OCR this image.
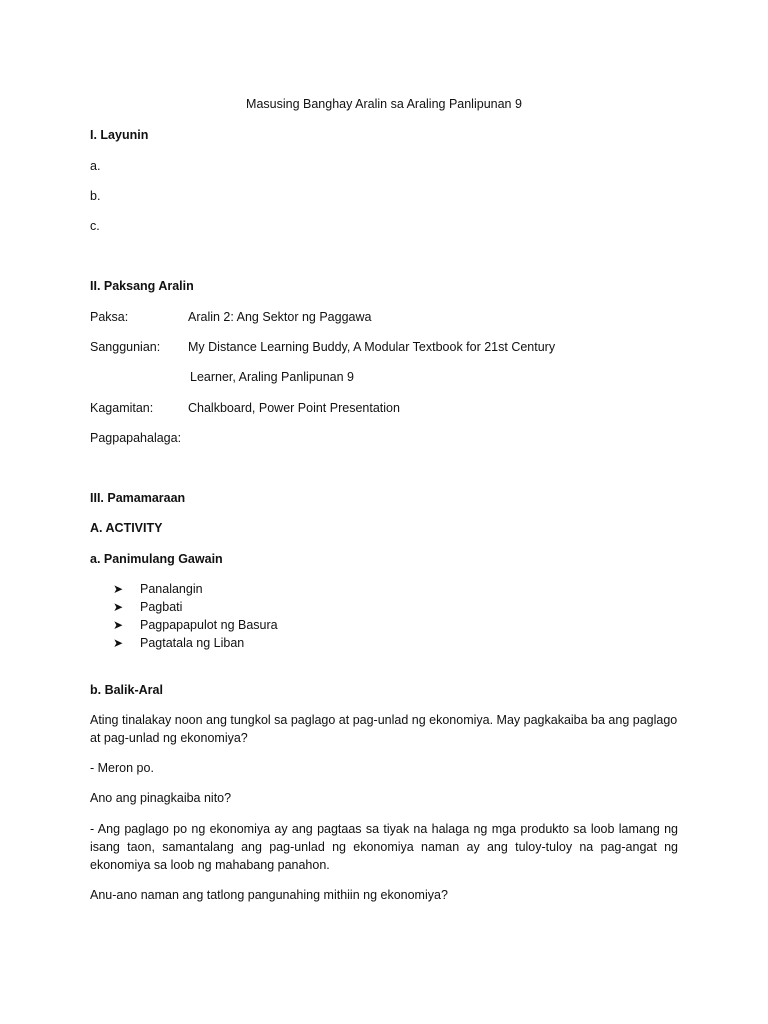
Masusing Banghay Aralin sa Araling Panlipunan 9

I. Layunin

a.

b.

c.

II. Paksang Aralin

Paksa:	Aralin 2: Ang Sektor ng Paggawa

Sanggunian: My Distance Learning Buddy, A Modular Textbook for 21st Century

Learner, Araling Panlipunan 9

Kagamitan:	Chalkboard, Power Point Presentation

Pagpapahalaga:

III. Pamamaraan

A. ACTIVITY

a. Panimulang Gawain

➤ Panalangin
➤ Pagbati
➤ Pagpapapulot ng Basura
➤ Pagtatala ng Liban

b. Balik-Aral

Ating tinalakay noon ang tungkol sa paglago at pag-unlad ng ekonomiya. May pagkakaiba ba ang paglago at pag-unlad ng ekonomiya?

- Meron po.

Ano ang pinagkaiba nito?

- Ang paglago po ng ekonomiya ay ang pagtaas sa tiyak na halaga ng mga produkto sa loob lamang ng isang taon, samantalang ang pag-unlad ng ekonomiya naman ay ang tuloy-tuloy na pag-angat ng ekonomiya sa loob ng mahabang panahon.

Anu-ano naman ang tatlong pangunahing mithiin ng ekonomiya?
